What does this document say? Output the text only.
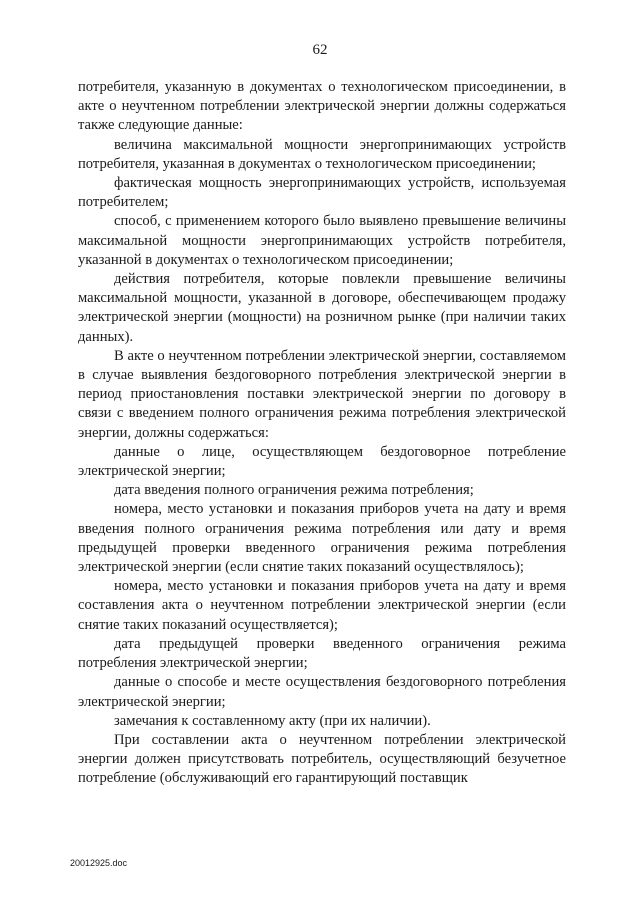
62

потребителя, указанную в документах о технологическом присоединении, в акте о неучтенном потреблении электрической энергии должны содержаться также следующие данные:

величина максимальной мощности энергопринимающих устройств потребителя, указанная в документах о технологическом присоединении;

фактическая мощность энергопринимающих устройств, используемая потребителем;

способ, с применением которого было выявлено превышение величины максимальной мощности энергопринимающих устройств потребителя, указанной в документах о технологическом присоединении;

действия потребителя, которые повлекли превышение величины максимальной мощности, указанной в договоре, обеспечивающем продажу электрической энергии (мощности) на розничном рынке (при наличии таких данных).

В акте о неучтенном потреблении электрической энергии, составляемом в случае выявления бездоговорного потребления электрической энергии в период приостановления поставки электрической энергии по договору в связи с введением полного ограничения режима потребления электрической энергии, должны содержаться:

данные о лице, осуществляющем бездоговорное потребление электрической энергии;

дата введения полного ограничения режима потребления;

номера, место установки и показания приборов учета на дату и время введения полного ограничения режима потребления или дату и время предыдущей проверки введенного ограничения режима потребления электрической энергии (если снятие таких показаний осуществлялось);

номера, место установки и показания приборов учета на дату и время составления акта о неучтенном потреблении электрической энергии (если снятие таких показаний осуществляется);

дата предыдущей проверки введенного ограничения режима потребления электрической энергии;

данные о способе и месте осуществления бездоговорного потребления электрической энергии;

замечания к составленному акту (при их наличии).

При составлении акта о неучтенном потреблении электрической энергии должен присутствовать потребитель, осуществляющий безучетное потребление (обслуживающий его гарантирующий поставщик

20012925.doc
